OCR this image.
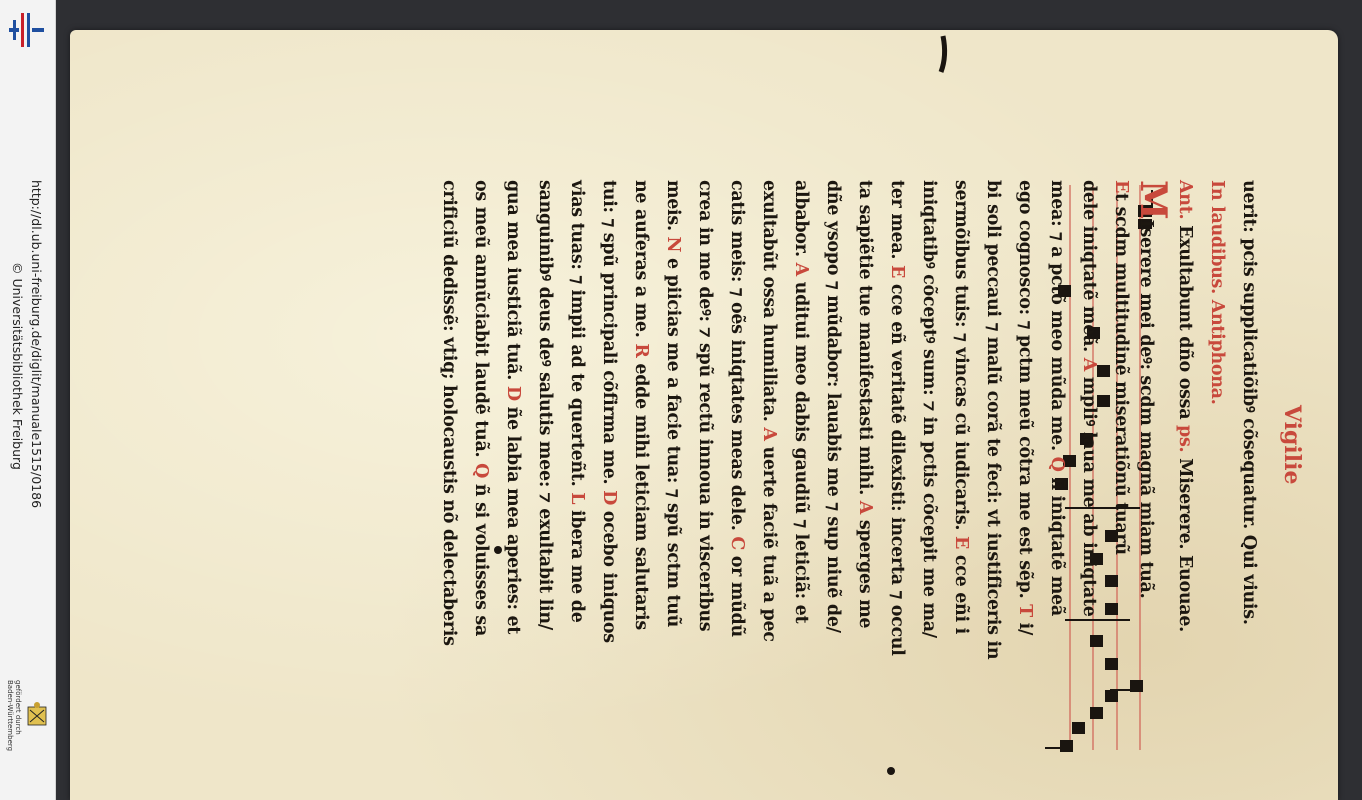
http://dl.ub.uni-freiburg.de/diglit/manuale1515/0186
© Universitätsbibliothek Freiburg
gefördert durch
Baden-Württemberg
Vigilie
uerit: pcis supplicatiõibꝰ cõsequatur. Qui viuis.
In laudibus. Antiphona.
Ant. Exultabunt dño ossa ps. Miserere. Euouae.
MIserere mei deꝰ: scdm magnã miam tuã.
Et scdm multitudinẽ miseratiõnũ tuarũ
dele iniqtatẽ meã. A mpliꝰ laua me ab iniqtate
mea: ⁊ a pctõ meo mũda me. Q ñ iniqtatẽ meã
ego cognosco: ⁊ pctm meũ cõtra me est sẽp. T i/
bi soli peccaui ⁊ malũ corã te feci: vt iustificeris in
sermõibus tuis: ⁊ vincas cũ iudicaris. E cce eñi i
iniqtatibꝰ cõceptꝰ sum: ⁊ in pctis cõcepit me ma/
ter mea. E cce eñ veritatẽ dilexisti: incerta ⁊ occul
ta sapiẽtie tue manifestasti mihi. A sperges me
dñe ysopo ⁊ mũdabor: lauabis me ⁊ sup niuẽ de/
albabor. A uditui meo dabis gaudiũ ⁊ leticiã: et
exultabũt ossa humiliata. A uerte faciẽ tuã a pec
catis meis: ⁊ oẽs iniqtates meas dele. C or mũdũ
crea in me deꝰ: ⁊ spũ rectũ innoua in visceribus
meis. N e piicias me a facie tua: ⁊ spũ sctm tuũ
ne auferas a me. R edde mihi leticiam salutaris
tui: ⁊ spũ principali cõfirma me. D ocebo iniquos
vias tuas: ⁊ impii ad te querteñt. L ibera me de
sanguinibꝰ deus deꝰ salutis mee: ⁊ exultabit lin/
gua mea iusticiã tuã. D ñe labia mea aperies: et
os meũ annũciabit laudẽ tuã. Q ñ si voluisses sa
crificiũ dedissẽ: vtiq; holocaustis nõ delectaberis
